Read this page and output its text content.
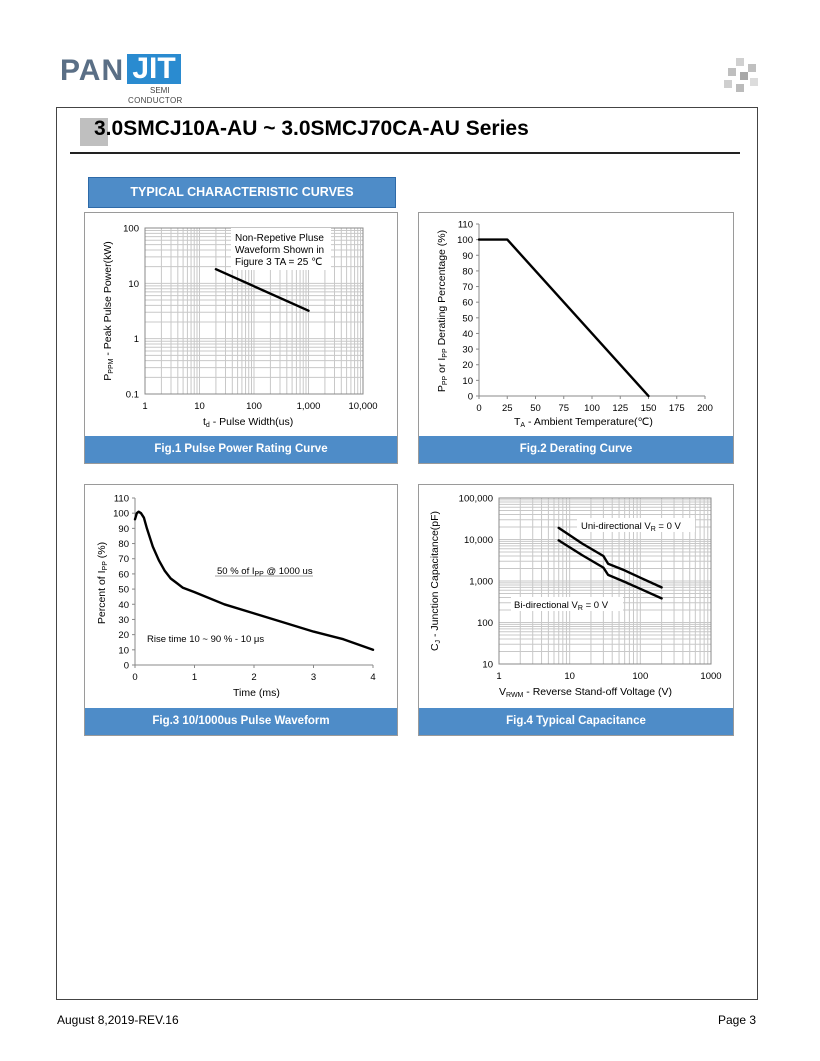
PAN JIT
SEMI
CONDUCTOR
3.0SMCJ10A-AU ~ 3.0SMCJ70CA-AU Series
TYPICAL CHARACTERISTIC CURVES
1	10	100	1,000	10,000
0.1
1
10
100
Non-Repetive Pluse
Waveform Shown in
Figure 3 TA = 25 ℃
td - Pulse Width(us)
PPPM - Peak Pulse Power(kW)
Fig.1 Pulse Power Rating Curve
0 25 50 75 100 125 150 175 200
0
10
20
30
40
50
60
70
80
90
100
110
TA - Ambient Temperature(℃)
PPP or IPP Derating Percentage (%)
Fig.2 Derating Curve
0	1	2	3	4
0
10
20
30
40
50
60
70
80
90
100
110
50 % of $I_{PP}$ @ 1000 us
Rise time 10 ~ 90 % - 10 μs
Time (ms)
Percent of IPP (%)
Fig.3 10/1000us Pulse Waveform
1	10	100	1000
10
100
1,000
10,000
100,000
Uni-directional $V_R = 0$ V
Bi-directional $V_R = 0$ V
VRWM - Reverse Stand-off Voltage (V)
CJ - Junction Capacitance(pF)
Fig.4 Typical Capacitance
August 8,2019-REV.16	Page 3
